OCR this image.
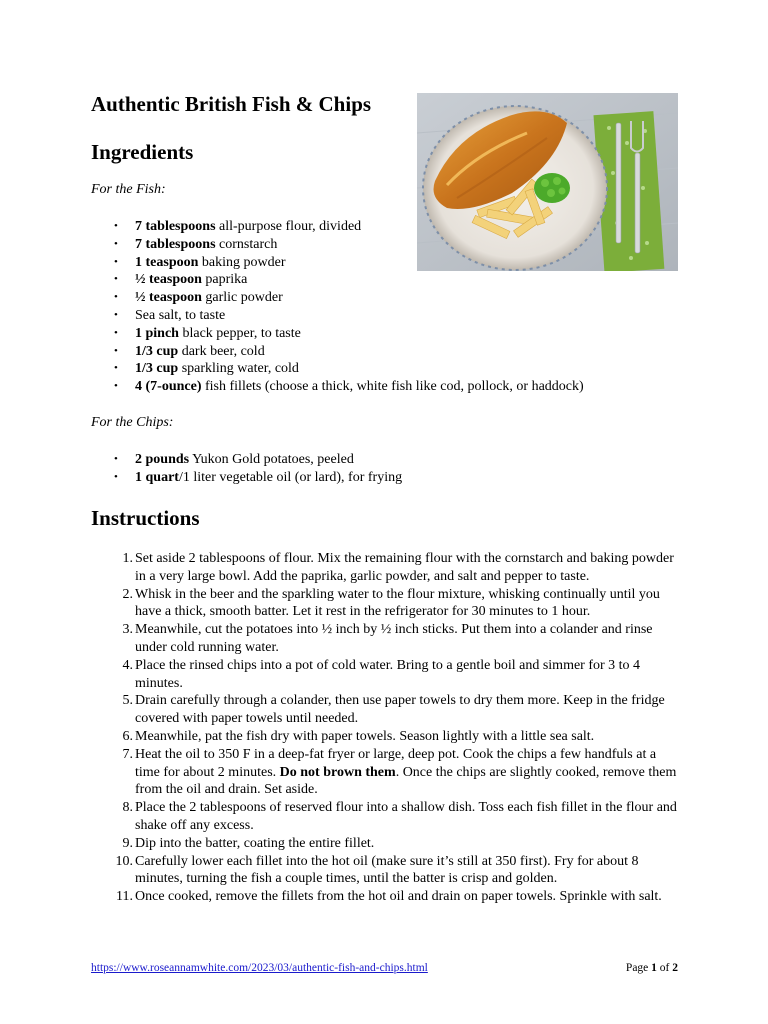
Authentic British Fish & Chips
Ingredients

For the Fish:

• 7 tablespoons all-purpose flour, divided
• 7 tablespoons cornstarch
• 1 teaspoon baking powder
• ½ teaspoon paprika
• ½ teaspoon garlic powder
• Sea salt, to taste
• 1 pinch black pepper, to taste
• 1/3 cup dark beer, cold
• 1/3 cup sparkling water, cold
• 4 (7-ounce) fish fillets (choose a thick, white fish like cod, pollock, or haddock)

For the Chips:

• 2 pounds Yukon Gold potatoes, peeled
• 1 quart/1 liter vegetable oil (or lard), for frying
Instructions
1. Set aside 2 tablespoons of flour. Mix the remaining flour with the cornstarch and baking powder in a very large bowl. Add the paprika, garlic powder, and salt and pepper to taste.
2. Whisk in the beer and the sparkling water to the flour mixture, whisking continually until you have a thick, smooth batter. Let it rest in the refrigerator for 30 minutes to 1 hour.
3. Meanwhile, cut the potatoes into ½ inch by ½ inch sticks. Put them into a colander and rinse under cold running water.
4. Place the rinsed chips into a pot of cold water. Bring to a gentle boil and simmer for 3 to 4 minutes.
5. Drain carefully through a colander, then use paper towels to dry them more. Keep in the fridge covered with paper towels until needed.
6. Meanwhile, pat the fish dry with paper towels. Season lightly with a little sea salt.
7. Heat the oil to 350 F in a deep-fat fryer or large, deep pot. Cook the chips a few handfuls at a time for about 2 minutes. Do not brown them. Once the chips are slightly cooked, remove them from the oil and drain. Set aside.
8. Place the 2 tablespoons of reserved flour into a shallow dish. Toss each fish fillet in the flour and shake off any excess.
9. Dip into the batter, coating the entire fillet.
10. Carefully lower each fillet into the hot oil (make sure it’s still at 350 first). Fry for about 8 minutes, turning the fish a couple times, until the batter is crisp and golden.
11. Once cooked, remove the fillets from the hot oil and drain on paper towels. Sprinkle with salt.
https://www.roseannamwhite.com/2023/03/authentic-fish-and-chips.html	Page 1 of 2
